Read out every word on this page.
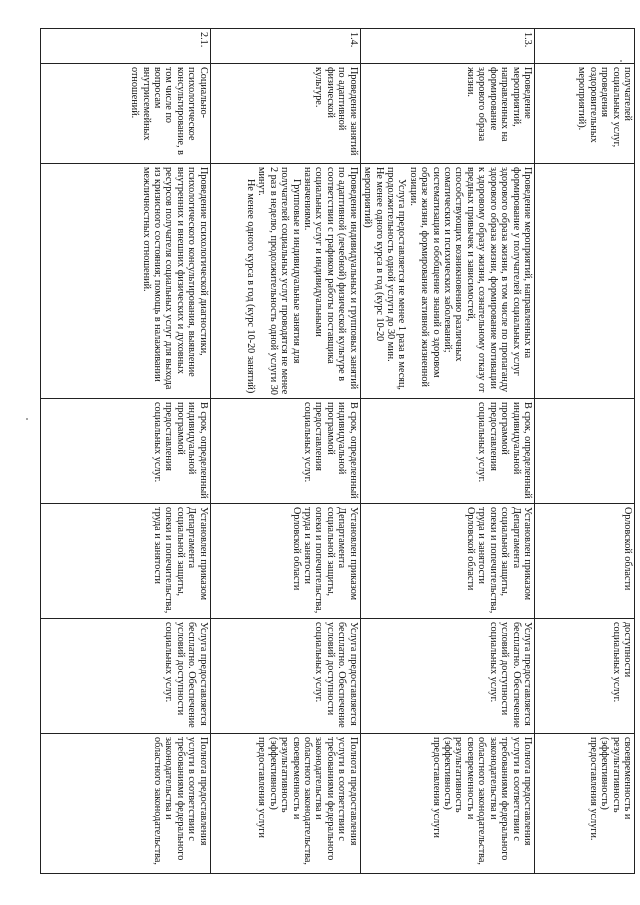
	получателей социальных услуг, проведения оздоровительных мероприятий).			Орловской области	доступности социальных услуг.	своевременность и результативность (эффективность) предоставления услуги.
1.3.	Проведение мероприятий, направленных на формирование здорового образа жизни.	Проведение мероприятий, направленных на формирование у получателей социальных услуг здорового образа жизни, в том числе по пропаганду здорового образа жизни, формирование мотивации к здоровому образу жизни, сознательному отказу от вредных привычек и зависимостей, способствующих возникновению различных соматических и психических заболеваний; систематизация и обобщение знаний о здоровом образе жизни, формирование активной жизненной позиции.
Услуга предоставляется не менее 1 раза в месяц, продолжительность одной услуги до 30 мин.
Не менее одного курса в год (курс 10-20 мероприятий)	В срок, определенный индивидуальной программой предоставления социальных услуг.	Установлен приказом Департамента социальной защиты, опеки и попечительства, труда и занятости Орловской области	Услуга предоставляется бесплатно. Обеспечение условий доступности социальных услуг.	Полнота предоставления услуги в соответствии с требованиями федерального законодательства и областного законодательства, своевременность и результативность (эффективность) предоставления услуги
1.4.	Проведение занятий по адаптивной физической культуре.	Проведение индивидуальных и групповых занятий по адаптивной (лечебной) физической культуре в соответствии с графиком работы поставщика социальных услуг и индивидуальными назначениями.
Групповые и индивидуальные занятия для получателей социальных услуг проводятся не менее 2 раз в неделю, продолжительность одной услуги 30 минут.
Не менее одного курса в год (курс 10-20 занятий)	В срок, определенный индивидуальной программой предоставления социальных услуг.	Установлен приказом Департамента социальной защиты, опеки и попечительства, труда и занятости Орловской области	Услуга предоставляется бесплатно. Обеспечение условий доступности социальных услуг.	Полнота предоставления услуги в соответствии с требованиями федерального законодательства и областного законодательства, своевременность и результативность (эффективность) предоставления услуги
2.1.	Социально-психологическое консультирование, в том числе по вопросам внутрисемейных отношений.	Проведение психологической диагностики, психологического консультирования, выявление внутренних и внешних физических и духовных ресурсов получателя социальных услуг для выхода из кризисного состояния; помощь в налаживании межличностных отношений.	В срок, определенный индивидуальной программой предоставления социальных услуг.	Установлен приказом Департамента социальной защиты, опеки и попечительства, труда и занятости	Услуга предоставляется бесплатно. Обеспечение условий доступности социальных услуг.	Полнота предоставления услуги в соответствии с требованиями федерального законодательства и областного законодательства,
